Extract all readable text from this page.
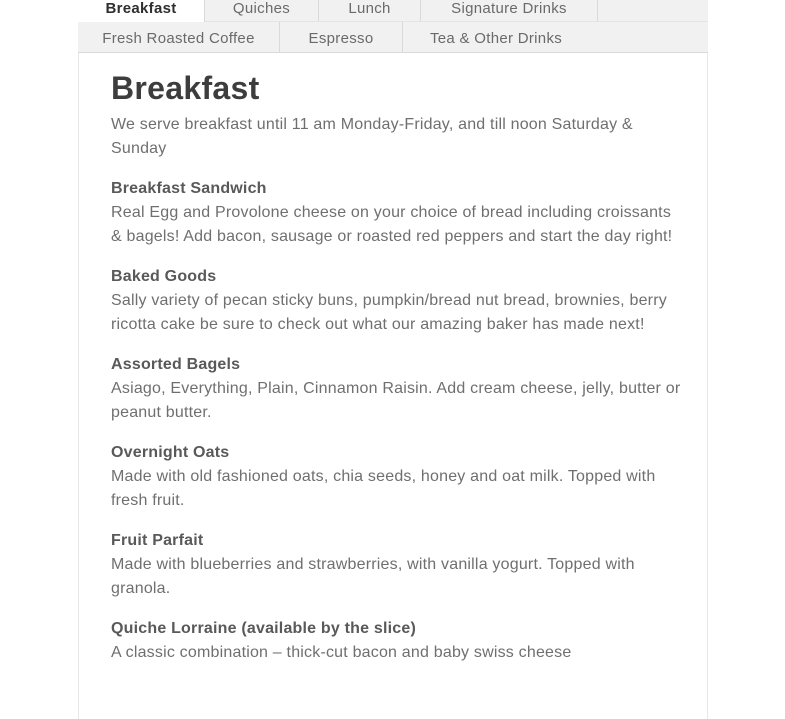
Breakfast	Quiches	Lunch	Signature Drinks
Fresh Roasted Coffee	Espresso	Tea & Other Drinks
Breakfast

We serve breakfast until 11 am Monday-Friday, and till noon Saturday & Sunday

Breakfast Sandwich
Real Egg and Provolone cheese on your choice of bread including croissants & bagels! Add bacon, sausage or roasted red peppers and start the day right!
Baked Goods
Sally variety of pecan sticky buns, pumpkin/bread nut bread, brownies, berry ricotta cake be sure to check out what our amazing baker has made next!
Assorted Bagels
Asiago, Everything, Plain, Cinnamon Raisin. Add cream cheese, jelly, butter or peanut butter.
Overnight Oats
Made with old fashioned oats, chia seeds, honey and oat milk. Topped with fresh fruit.
Fruit Parfait
Made with blueberries and strawberries, with vanilla yogurt. Topped with granola.
Quiche Lorraine (available by the slice)
A classic combination – thick-cut bacon and baby swiss cheese
